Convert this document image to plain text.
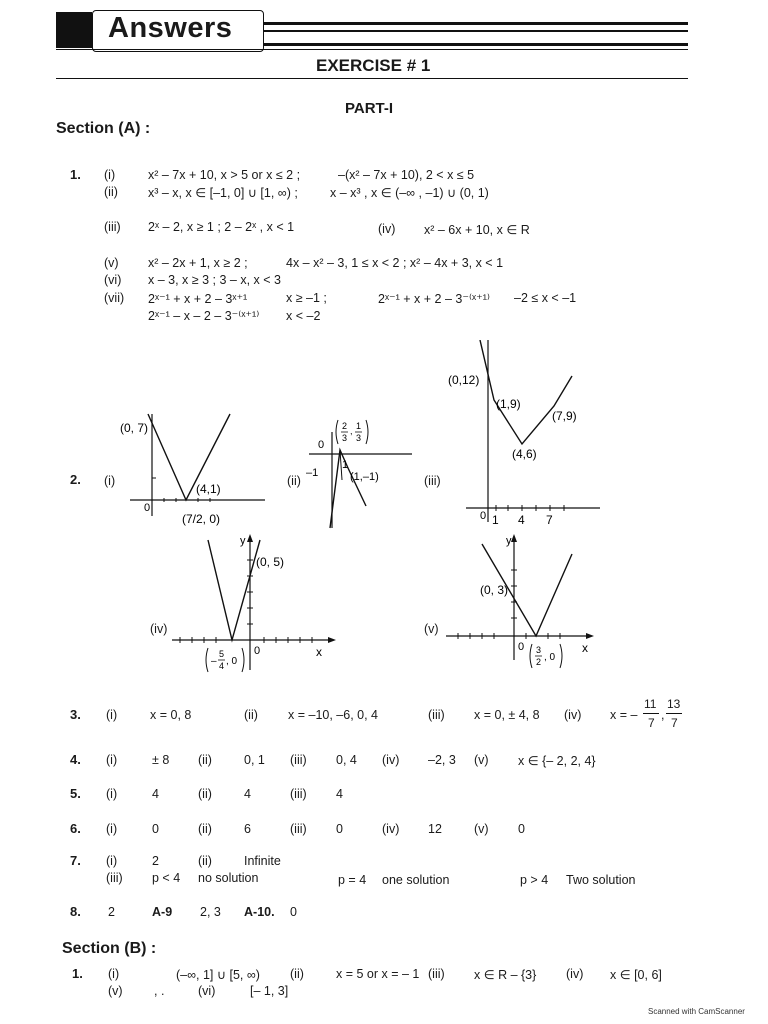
Answers
EXERCISE # 1
PART-I
Section (A) :
1. (i)	x² – 7x + 10, x > 5 or x ≤ 2 ;	–(x² – 7x + 10), 2 < x ≤ 5
(ii) x³ – x, x ∈ [–1, 0] ∪ [1, ∞) ;	x – x³ , x ∈ (–∞ , –1) ∪ (0, 1)
(iii) 2ˣ – 2, x ≥ 1 ; 2 – 2ˣ , x < 1	(iv) x² – 6x + 10, x ∈ R
(v) x² – 2x + 1, x ≥ 2 ;	4x – x² – 3, 1 ≤ x < 2 ; x² – 4x + 3, x < 1
(vi) x – 3, x ≥ 3 ; 3 – x, x < 3
(vii) 2ˣ⁻¹ + x + 2 – 3ˣ⁺¹	x ≥ –1 ;	2ˣ⁻¹ + x + 2 – 3⁻⁽ˣ⁺¹⁾ –2 ≤ x < –1
2ˣ⁻¹ – x – 2 – 3⁻⁽ˣ⁺¹⁾ x < –2
2. (i)	(ii)	(iii)
(iv)	(v)
(0, 7)
(4,1)
(7/2, 0)
0
0
–1
1
(1,–1)
2
3
, 1
3
(0,12)
(1,9)
(7,9)
(4,6)
0 1 4 7
y
(0, 5)
0	x
–
5
4 , 0
y
(0, 3)
0	x
3
2 , 0
3. (i)	x = 0, 8	(ii) x = –10, –6, 0, 4	(iii) x = 0, ± 4, 8 (iv) x = –
11
7
,
13
7
4. (i)	± 8 (ii)	0, 1 (iii) 0, 4 (iv) –2, 3 (v) x ∈ {– 2, 2, 4}
5. (i)	4	(ii)	4	(iii) 4
6. (i)	0	(ii)	6	(iii) 0	(iv) 12	(v) 0
7. (i)	2	(ii)	Infinite
(iii) p < 4 no solution	p = 4 one solution	p > 4 Two solution
8. 2	A-9 2, 3 A-10. 0
Section (B) :
1. (i)	(–∞, 1] ∪ [5, ∞) (ii)	x = 5 or x = – 1 (iii) x ∈ R – {3} (iv) x ∈ [0, 6]
(v)	, .	(vi)	[– 1, 3]
Scanned with CamScanner
